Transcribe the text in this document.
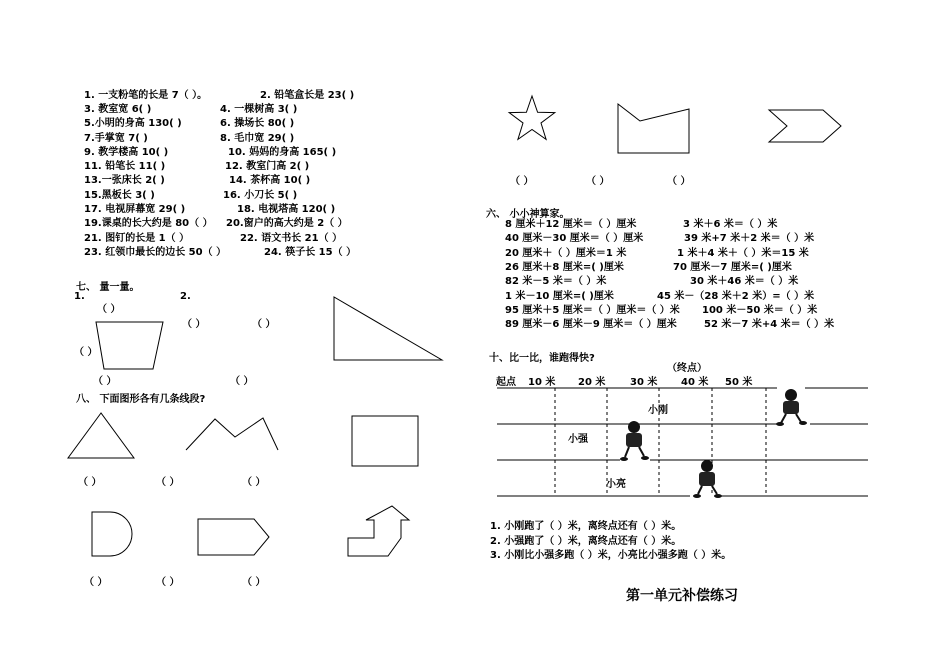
1. 一支粉笔的长是 7（ ）。	2. 铅笔盒长是 23( )
3. 教室宽 6( )	4. 一棵树高 3( )
5.小明的身高 130( )	6. 操场长 80( )
7.手掌宽 7( )	8. 毛巾宽 29( )
9. 教学楼高 10( )	10. 妈妈的身高 165( )
11. 铅笔长 11( )	12. 教室门高 2( )
13.一张床长 2( )	14. 茶杯高 10( )
15.黑板长 3( )	16. 小刀长 5( )
17. 电视屏幕宽 29( )	18. 电视塔高 120( )
19.课桌的长大约是 80（ ） 20.窗户的高大约是 2（ ）
21. 图钉的长是 1（ ）	22. 语文书长 21（ ）
23. 红领巾最长的边长 50（ ）	24. 筷子长 15（ ）
七、 量一量。
1.	2.
（ ）
（ ）	（ ）
（ ）
（ ）	（ ）
八、 下面图形各有几条线段?
（ ）	（ ）	（ ）
（ ）	（ ）	（ ）
（ ）	（ ）	（ ）
六、 小小神算家。
8 厘米＋12 厘米＝（ ）厘米	3 米＋6 米＝（ ）米
40 厘米－30 厘米＝（ ）厘米	39 米+7 米＋2 米＝（ ）米
20 厘米＋（ ）厘米＝1 米	1 米＋4 米＋（ ）米＝15 米
26 厘米＋8 厘米=( )厘米	70 厘米－7 厘米=( )厘米
82 米－5 米＝（ ）米	30 米＋46 米＝（ ）米
1 米－10 厘米=( )厘米	45 米－（28 米＋2 米）=（ ）米
95 厘米＋5 厘米＝（ ）厘米＝（ ）米 100 米－50 米＝（ ）米
89 厘米－6 厘米－9 厘米＝（ ）厘米	52 米－7 米+4 米＝（ ）米
十、比一比，谁跑得快?
（终点）
起点 10 米 20 米 30 米 40 米 50 米
小刚
小强
小亮
1. 小刚跑了（ ）米，离终点还有（ ）米。
2. 小强跑了（ ）米，离终点还有（ ）米。
3. 小刚比小强多跑（ ）米，小亮比小强多跑（ ）米。
第一单元补偿练习
